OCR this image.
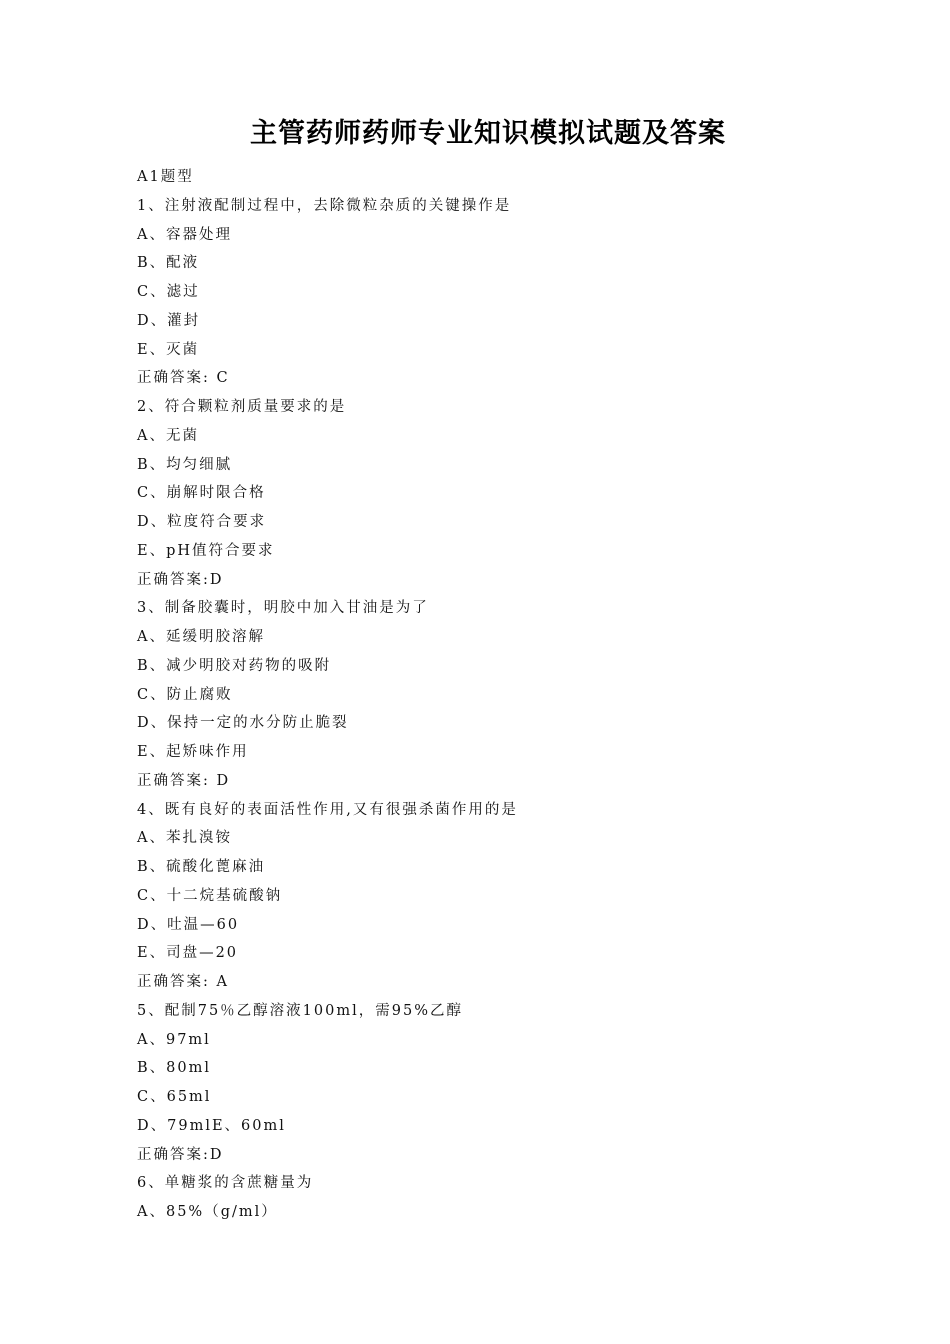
主管药师药师专业知识模拟试题及答案
A1题型
1、注射液配制过程中，去除微粒杂质的关键操作是
A、容器处理
B、配液
C、滤过
D、灌封
E、灭菌
正确答案: C
2、符合颗粒剂质量要求的是
A、无菌
B、均匀细腻
C、崩解时限合格
D、粒度符合要求
E、pH值符合要求
正确答案:D
3、制备胶囊时，明胶中加入甘油是为了
A、延缓明胶溶解
B、减少明胶对药物的吸附
C、防止腐败
D、保持一定的水分防止脆裂
E、起矫味作用
正确答案: D
4、既有良好的表面活性作用,又有很强杀菌作用的是
A、苯扎溴铵
B、硫酸化蓖麻油
C、十二烷基硫酸钠
D、吐温—60
E、司盘—20
正确答案: A
5、配制75％乙醇溶液100ml，需95%乙醇
A、97ml
B、80ml
C、65ml
D、79mlE、60ml
正确答案:D
6、单糖浆的含蔗糖量为
A、85%（g/ml）
